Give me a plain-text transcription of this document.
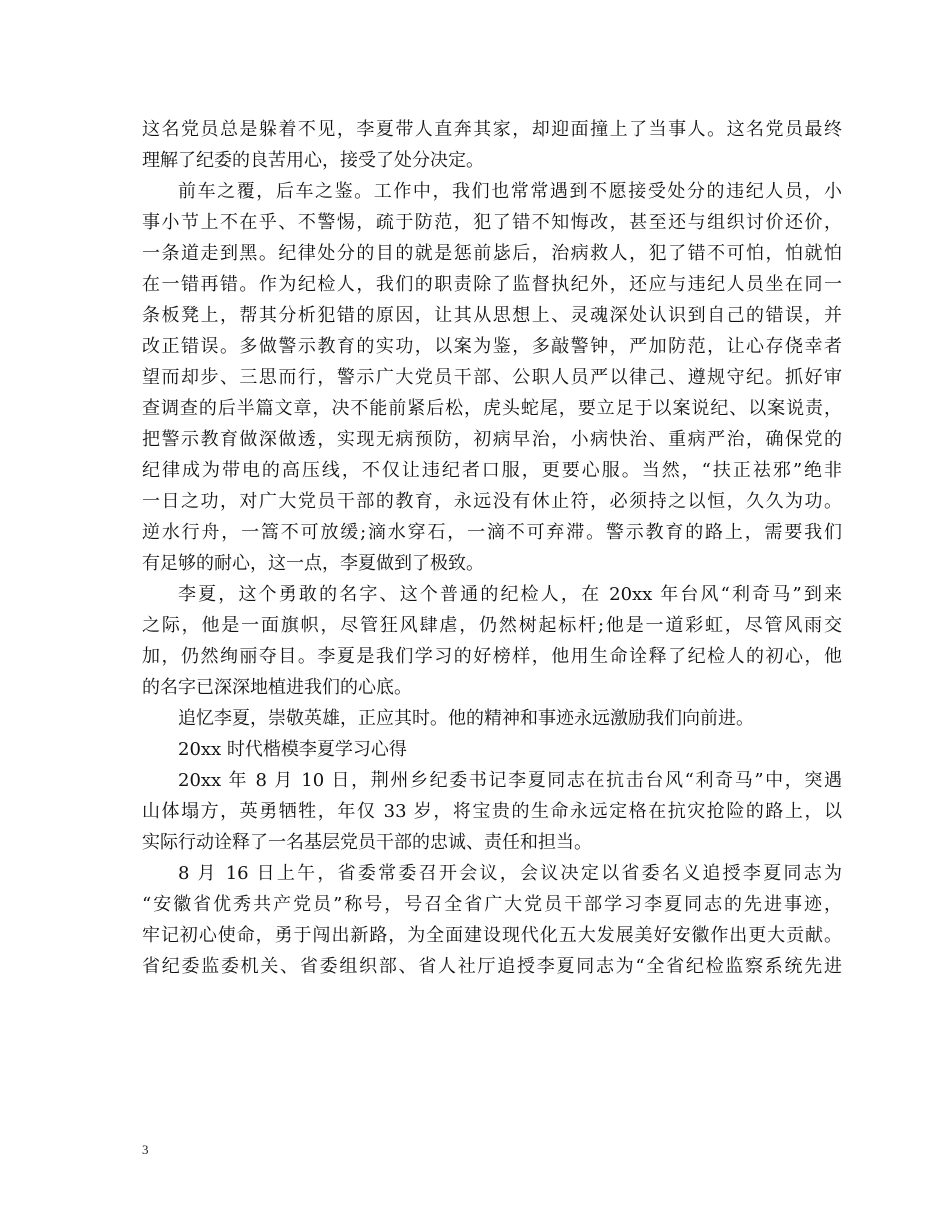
这名党员总是躲着不见，李夏带人直奔其家，却迎面撞上了当事人。这名党员最终
理解了纪委的良苦用心，接受了处分决定。
前车之覆，后车之鉴。工作中，我们也常常遇到不愿接受处分的违纪人员，小
事小节上不在乎、不警惕，疏于防范，犯了错不知悔改，甚至还与组织讨价还价，
一条道走到黑。纪律处分的目的就是惩前毖后，治病救人，犯了错不可怕，怕就怕
在一错再错。作为纪检人，我们的职责除了监督执纪外，还应与违纪人员坐在同一
条板凳上，帮其分析犯错的原因，让其从思想上、灵魂深处认识到自己的错误，并
改正错误。多做警示教育的实功，以案为鉴，多敲警钟，严加防范，让心存侥幸者
望而却步、三思而行，警示广大党员干部、公职人员严以律己、遵规守纪。抓好审
查调查的后半篇文章，决不能前紧后松，虎头蛇尾，要立足于以案说纪、以案说责，
把警示教育做深做透，实现无病预防，初病早治，小病快治、重病严治，确保党的
纪律成为带电的高压线，不仅让违纪者口服，更要心服。当然，“扶正祛邪”绝非
一日之功，对广大党员干部的教育，永远没有休止符，必须持之以恒，久久为功。
逆水行舟，一篙不可放缓;滴水穿石，一滴不可弃滞。警示教育的路上，需要我们
有足够的耐心，这一点，李夏做到了极致。
李夏，这个勇敢的名字、这个普通的纪检人，在 20xx 年台风“利奇马”到来
之际，他是一面旗帜，尽管狂风肆虐，仍然树起标杆;他是一道彩虹，尽管风雨交
加，仍然绚丽夺目。李夏是我们学习的好榜样，他用生命诠释了纪检人的初心，他
的名字已深深地植进我们的心底。
追忆李夏，崇敬英雄，正应其时。他的精神和事迹永远激励我们向前进。
20xx 时代楷模李夏学习心得
20xx 年 8 月 10 日，荆州乡纪委书记李夏同志在抗击台风“利奇马”中，突遇
山体塌方，英勇牺牲，年仅 33 岁，将宝贵的生命永远定格在抗灾抢险的路上，以
实际行动诠释了一名基层党员干部的忠诚、责任和担当。
8 月 16 日上午，省委常委召开会议，会议决定以省委名义追授李夏同志为
“安徽省优秀共产党员”称号，号召全省广大党员干部学习李夏同志的先进事迹，
牢记初心使命，勇于闯出新路，为全面建设现代化五大发展美好安徽作出更大贡献。
省纪委监委机关、省委组织部、省人社厅追授李夏同志为“全省纪检监察系统先进
3
